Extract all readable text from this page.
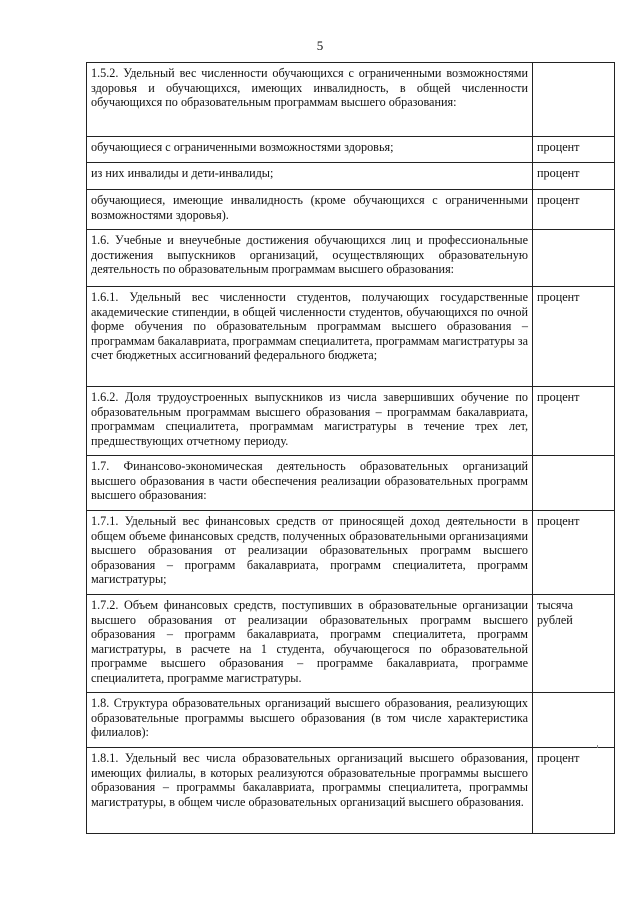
5
1.5.2. Удельный вес численности обучающихся с ограниченными возможностями здоровья и обучающихся, имеющих инвалидность, в общей численности обучающихся по образовательным программам высшего образования:	
обучающиеся с ограниченными возможностями здоровья;	процент
из них инвалиды и дети-инвалиды;	процент
обучающиеся, имеющие инвалидность (кроме обучающихся с ограниченными возможностями здоровья).	процент
1.6. Учебные и внеучебные достижения обучающихся лиц и профессиональные достижения выпускников организаций, осуществляющих образовательную деятельность по образовательным программам высшего образования:	
1.6.1. Удельный вес численности студентов, получающих государственные академические стипендии, в общей численности студентов, обучающихся по очной форме обучения по образовательным программам высшего образования – программам бакалавриата, программам специалитета, программам магистратуры за счет бюджетных ассигнований федерального бюджета;	процент
1.6.2. Доля трудоустроенных выпускников из числа завершивших обучение по образовательным программам высшего образования – программам бакалавриата, программам специалитета, программам магистратуры в течение трех лет, предшествующих отчетному периоду.	процент
1.7. Финансово-экономическая деятельность образовательных организаций высшего образования в части обеспечения реализации образовательных программ высшего образования:	
1.7.1. Удельный вес финансовых средств от приносящей доход деятельности в общем объеме финансовых средств, полученных образовательными организациями высшего образования от реализации образовательных программ высшего образования – программ бакалавриата, программ специалитета, программ магистратуры;	процент
1.7.2. Объем финансовых средств, поступивших в образовательные организации высшего образования от реализации образовательных программ высшего образования – программ бакалавриата, программ специалитета, программ магистратуры, в расчете на 1 студента, обучающегося по образовательной программе высшего образования – программе бакалавриата, программе специалитета, программе магистратуры.	тысяча рублей
1.8. Структура образовательных организаций высшего образования, реализующих образовательные программы высшего образования (в том числе характеристика филиалов):	
1.8.1. Удельный вес числа образовательных организаций высшего образования, имеющих филиалы, в которых реализуются образовательные программы высшего образования – программы бакалавриата, программы специалитета, программы магистратуры, в общем числе образовательных организаций высшего образования.	процент
